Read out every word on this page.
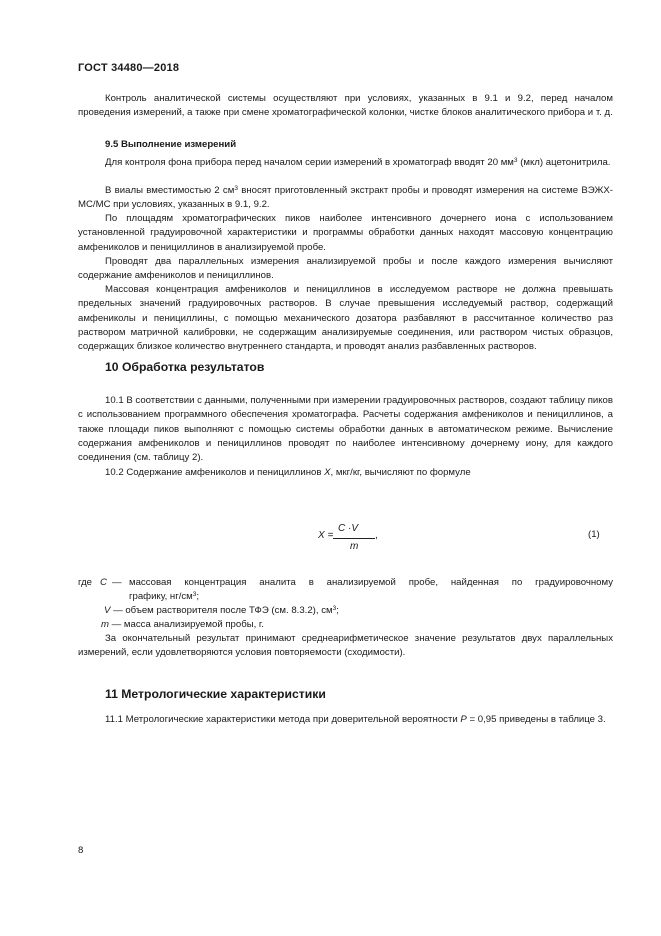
ГОСТ 34480—2018

Контроль аналитической системы осуществляют при условиях, указанных в 9.1 и 9.2, перед началом проведения измерений, а также при смене хроматографической колонки, чистке блоков аналитического прибора и т. д.

9.5 Выполнение измерений

Для контроля фона прибора перед началом серии измерений в хроматограф вводят 20 $мм^3$ (мкл) ацетонитрила.

В виалы вместимостью 2 $см^3$ вносят приготовленный экстракт пробы и проводят измерения на системе ВЭЖХ-МС/МС при условиях, указанных в 9.1, 9.2.

По площадям хроматографических пиков наиболее интенсивного дочернего иона с использованием установленной градуировочной характеристики и программы обработки данных находят массовую концентрацию амфениколов и пенициллинов в анализируемой пробе.

Проводят два параллельных измерения анализируемой пробы и после каждого измерения вычисляют содержание амфениколов и пенициллинов.

Массовая концентрация амфениколов и пенициллинов в исследуемом растворе не должна превышать предельных значений градуировочных растворов. В случае превышения исследуемый раствор, содержащий амфениколы и пенициллины, с помощью механического дозатора разбавляют в рассчитанное количество раз раствором матричной калибровки, не содержащим анализируемые соединения, или раствором чистых образцов, содержащих близкое количество внутреннего стандарта, и проводят анализ разбавленных растворов.

10 Обработка результатов

10.1 В соответствии с данными, полученными при измерении градуировочных растворов, создают таблицу пиков с использованием программного обеспечения хроматографа. Расчеты содержания амфениколов и пенициллинов, а также площади пиков выполняют с помощью системы обработки данных в автоматическом режиме. Вычисление содержания амфениколов и пенициллинов проводят по наиболее интенсивному дочернему иону, для каждого соединения (см. таблицу 2).

10.2 Содержание амфениколов и пенициллинов X, мкг/кг, вычисляют по формуле

X =
C ·V
m
,	(1)
где C — массовая концентрация аналита в анализируемой пробе, найденная по градуировочному
графику, $нг/см^3$;
V — объем растворителя после ТФЭ (см. 8.3.2), $см^3$;
m — масса анализируемой пробы, г.

За окончательный результат принимают среднеарифметическое значение результатов двух параллельных измерений, если удовлетворяются условия повторяемости (сходимости).

11 Метрологические характеристики

11.1 Метрологические характеристики метода при доверительной вероятности P = 0,95 приведены в таблице 3.

8
